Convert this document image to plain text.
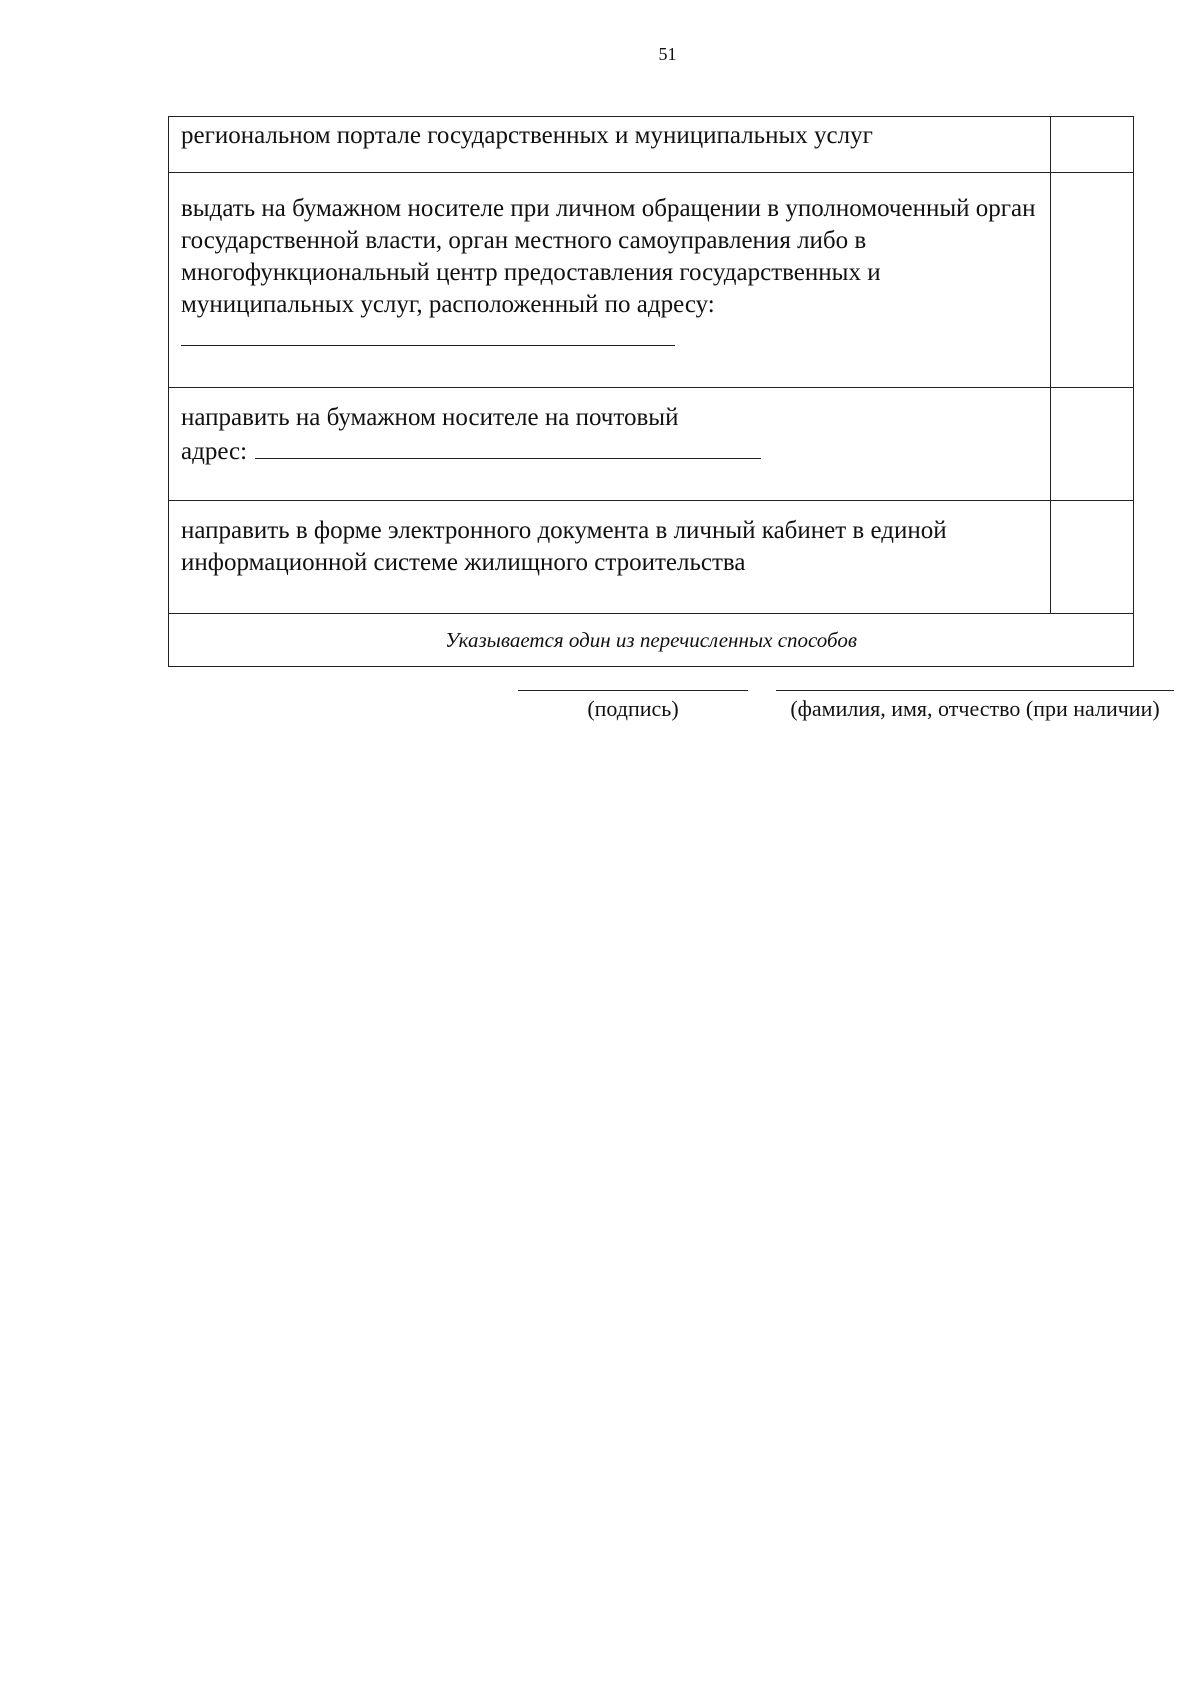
51
региональном портале государственных и муниципальных услуг	
выдать на бумажном носителе при личном обращении в уполномоченный орган государственной власти, орган местного самоуправления либо в многофункциональный центр предоставления государственных и муниципальных услуг, расположенный по адресу:	

направить на бумажном носителе на почтовый
адрес:	

направить в форме электронного документа в личный кабинет в единой информационной системе жилищного строительства	
Указывается один из перечисленных способов	
(подпись)	(фамилия, имя, отчество (при наличии)
